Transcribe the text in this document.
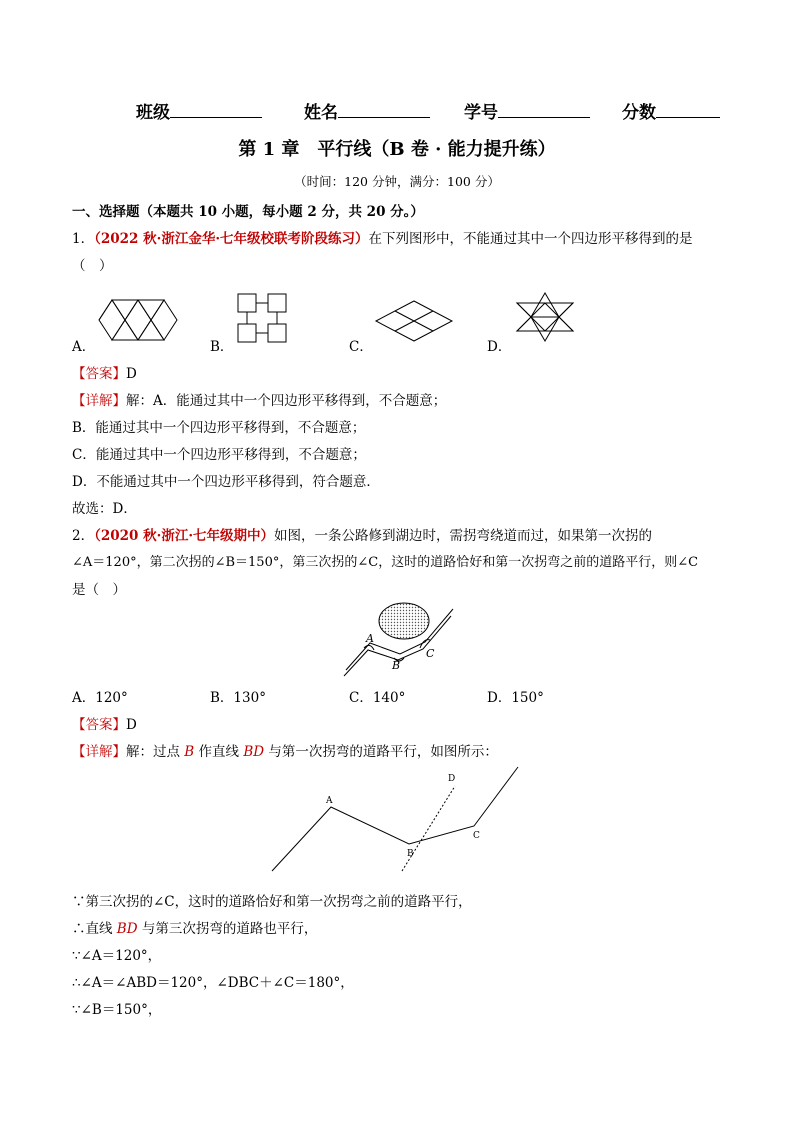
班级	姓名	学号	分数
第 1 章　平行线（B 卷 · 能力提升练）
（时间：120 分钟，满分：100 分）
一、选择题（本题共 10 小题，每小题 2 分，共 20 分。）
1．（2022 秋·浙江金华·七年级校联考阶段练习）在下列图形中，不能通过其中一个四边形平移得到的是
（　）
A．	B．	C．	D．
【答案】D
【详解】解：A．能通过其中一个四边形平移得到，不合题意；
B．能通过其中一个四边形平移得到，不合题意；
C．能通过其中一个四边形平移得到，不合题意；
D．不能通过其中一个四边形平移得到，符合题意．
故选：D．
2．（2020 秋·浙江·七年级期中）如图，一条公路修到湖边时，需拐弯绕道而过，如果第一次拐的
∠A＝120°，第二次拐的∠B＝150°，第三次拐的∠C，这时的道路恰好和第一次拐弯之前的道路平行，则∠C
是（　）
A
B
C
A．120°	B．130°	C．140°	D．150°
【答案】D
【详解】解：过点 B 作直线 BD 与第一次拐弯的道路平行，如图所示：
A
B
C
D
∵第三次拐的∠C，这时的道路恰好和第一次拐弯之前的道路平行，
∴直线 BD 与第三次拐弯的道路也平行，
∵∠A＝120°，
∴∠A＝∠ABD＝120°，∠DBC＋∠C＝180°，
∵∠B＝150°，
